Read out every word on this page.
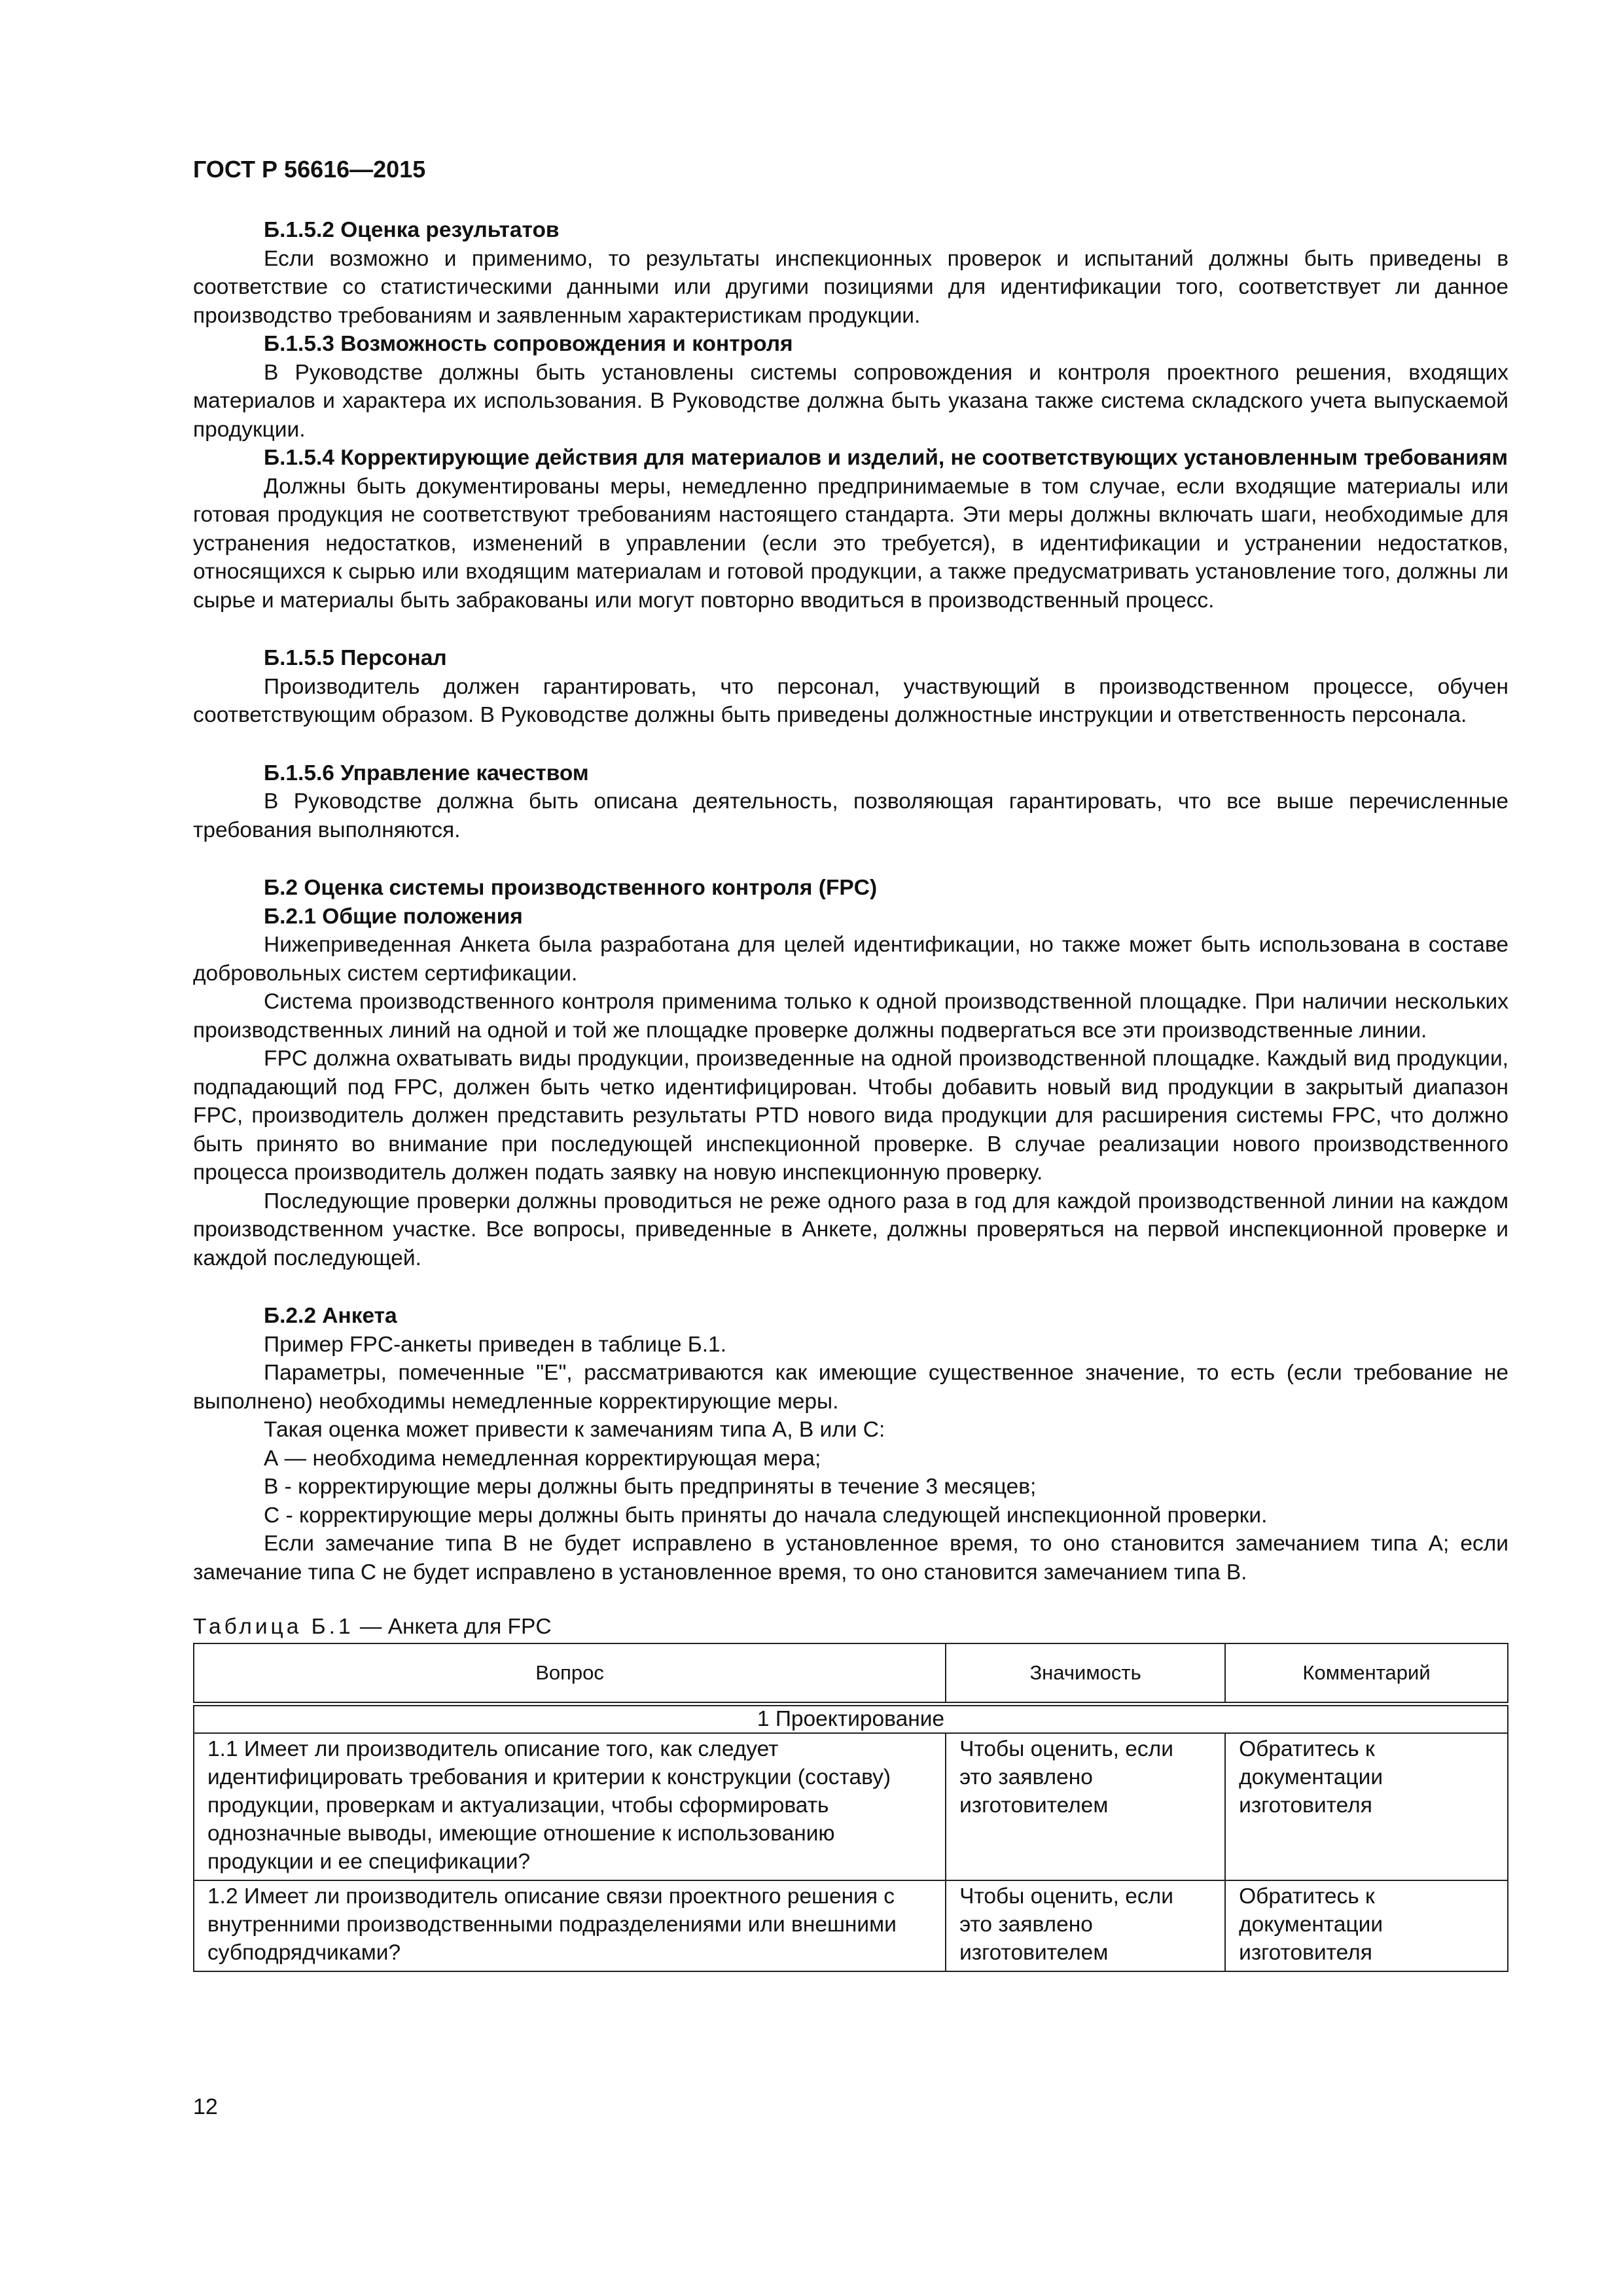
ГОСТ Р 56616—2015
Б.1.5.2 Оценка результатов

Если возможно и применимо, то результаты инспекционных проверок и испытаний должны быть приведены в соответствие со статистическими данными или другими позициями для идентификации того, соответствует ли данное производство требованиям и заявленным характеристикам продукции.

Б.1.5.3 Возможность сопровождения и контроля

В Руководстве должны быть установлены системы сопровождения и контроля проектного решения, входящих материалов и характера их использования. В Руководстве должна быть указана также система складского учета выпускаемой продукции.

Б.1.5.4 Корректирующие действия для материалов и изделий, не соответствующих установленным требованиям

Должны быть документированы меры, немедленно предпринимаемые в том случае, если входящие материалы или готовая продукция не соответствуют требованиям настоящего стандарта. Эти меры должны включать шаги, необходимые для устранения недостатков, изменений в управлении (если это требуется), в идентификации и устранении недостатков, относящихся к сырью или входящим материалам и готовой продукции, а также предусматривать установление того, должны ли сырье и материалы быть забракованы или могут повторно вводиться в производственный процесс.

Б.1.5.5 Персонал

Производитель должен гарантировать, что персонал, участвующий в производственном процессе, обучен соответствующим образом. В Руководстве должны быть приведены должностные инструкции и ответственность персонала.

Б.1.5.6 Управление качеством

В Руководстве должна быть описана деятельность, позволяющая гарантировать, что все выше перечисленные требования выполняются.

Б.2 Оценка системы производственного контроля (FPC)
Б.2.1 Общие положения

Нижеприведенная Анкета была разработана для целей идентификации, но также может быть использована в составе добровольных систем сертификации.

Система производственного контроля применима только к одной производственной площадке. При наличии нескольких производственных линий на одной и той же площадке проверке должны подвергаться все эти производственные линии.

FPC должна охватывать виды продукции, произведенные на одной производственной площадке. Каждый вид продукции, подпадающий под FPC, должен быть четко идентифицирован. Чтобы добавить новый вид продукции в закрытый диапазон FPC, производитель должен представить результаты PTD нового вида продукции для расширения системы FPC, что должно быть принято во внимание при последующей инспекционной проверке. В случае реализации нового производственного процесса производитель должен подать заявку на новую инспекционную проверку.

Последующие проверки должны проводиться не реже одного раза в год для каждой производственной линии на каждом производственном участке. Все вопросы, приведенные в Анкете, должны проверяться на первой инспекционной проверке и каждой последующей.

Б.2.2 Анкета

Пример FPC-анкеты приведен в таблице Б.1.

Параметры, помеченные "E", рассматриваются как имеющие существенное значение, то есть (если требование не выполнено) необходимы немедленные корректирующие меры.

Такая оценка может привести к замечаниям типа А, В или С:

А — необходима немедленная корректирующая мера;

В - корректирующие меры должны быть предприняты в течение 3 месяцев;

С - корректирующие меры должны быть приняты до начала следующей инспекционной проверки.

Если замечание типа В не будет исправлено в установленное время, то оно становится замечанием типа А; если замечание типа С не будет исправлено в установленное время, то оно становится замечанием типа В.

Таблица Б.1 — Анкета для FPC
Вопрос	Значимость	Комментарий
1 Проектирование		
1.1 Имеет ли производитель описание того, как следует идентифицировать требования и критерии к конструкции (составу) продукции, проверкам и актуализации, чтобы сформировать однозначные выводы, имеющие отношение к использованию продукции и ее спецификации?	Чтобы оценить, если это заявлено изготовителем	Обратитесь к документации изготовителя
1.2 Имеет ли производитель описание связи проектного решения с внутренними производственными подразделениями или внешними субподрядчиками?	Чтобы оценить, если это заявлено изготовителем	Обратитесь к документации изготовителя

12
